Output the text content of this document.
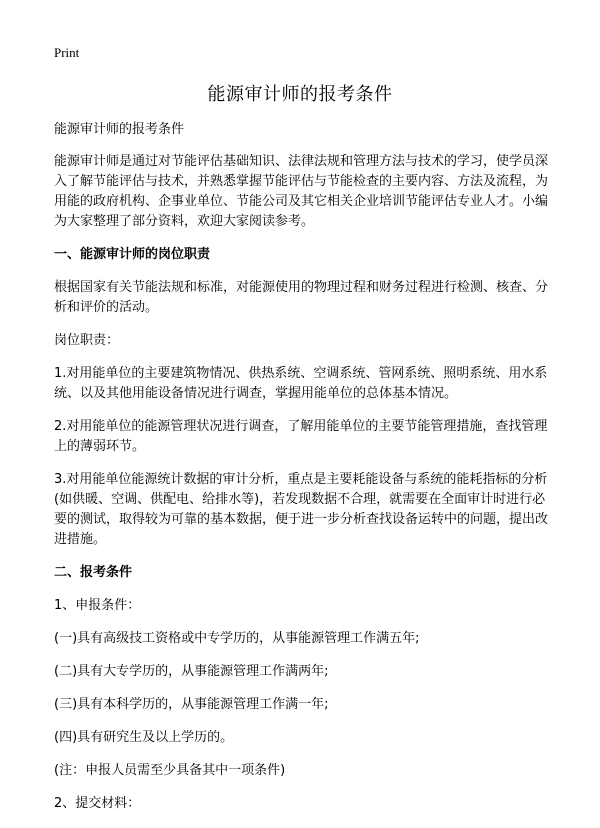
Print
能源审计师的报考条件

能源审计师的报考条件

能源审计师是通过对节能评估基础知识、法律法规和管理方法与技术的学习，使学员深入了解节能评估与技术，并熟悉掌握节能评估与节能检查的主要内容、方法及流程，为用能的政府机构、企事业单位、节能公司及其它相关企业培训节能评估专业人才。小编为大家整理了部分资料，欢迎大家阅读参考。

一、能源审计师的岗位职责

根据国家有关节能法规和标准，对能源使用的物理过程和财务过程进行检测、核查、分析和评价的活动。

岗位职责：

1.对用能单位的主要建筑物情况、供热系统、空调系统、管网系统、照明系统、用水系统、以及其他用能设备情况进行调查，掌握用能单位的总体基本情况。

2.对用能单位的能源管理状况进行调查，了解用能单位的主要节能管理措施，查找管理上的薄弱环节。

3.对用能单位能源统计数据的审计分析，重点是主要耗能设备与系统的能耗指标的分析(如供暖、空调、供配电、给排水等)，若发现数据不合理，就需要在全面审计时进行必要的测试，取得较为可靠的基本数据，便于进一步分析查找设备运转中的问题，提出改进措施。

二、报考条件

1、申报条件：

(一)具有高级技工资格或中专学历的，从事能源管理工作满五年;

(二)具有大专学历的，从事能源管理工作满两年;

(三)具有本科学历的，从事能源管理工作满一年;

(四)具有研究生及以上学历的。

(注：申报人员需至少具备其中一项条件)

2、提交材料：
